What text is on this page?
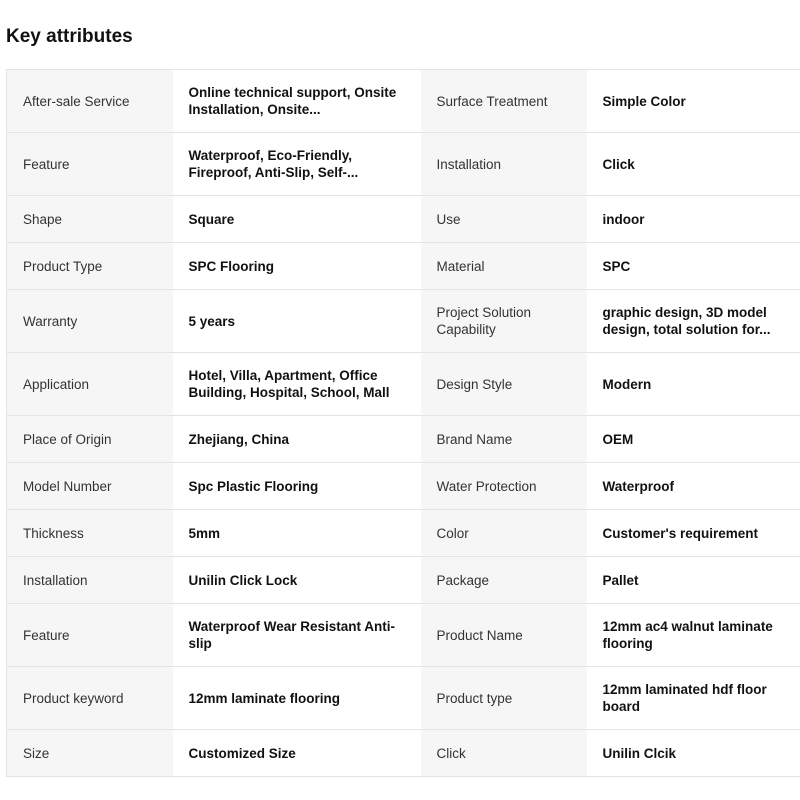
Key attributes
After-sale Service	Online technical support, Onsite Installation, Onsite...	Surface Treatment	Simple Color
Feature	Waterproof, Eco-Friendly, Fireproof, Anti-Slip, Self-...	Installation	Click
Shape	Square	Use	indoor
Product Type	SPC Flooring	Material	SPC
Warranty	5 years	Project Solution Capability	graphic design, 3D model design, total solution for...
Application	Hotel, Villa, Apartment, Office Building, Hospital, School, Mall	Design Style	Modern
Place of Origin	Zhejiang, China	Brand Name	OEM
Model Number	Spc Plastic Flooring	Water Protection	Waterproof
Thickness	5mm	Color	Customer's requirement
Installation	Unilin Click Lock	Package	Pallet
Feature	Waterproof Wear Resistant Anti-slip	Product Name	12mm ac4 walnut laminate flooring
Product keyword	12mm laminate flooring	Product type	12mm laminated hdf floor board
Size	Customized Size	Click	Unilin Clcik
